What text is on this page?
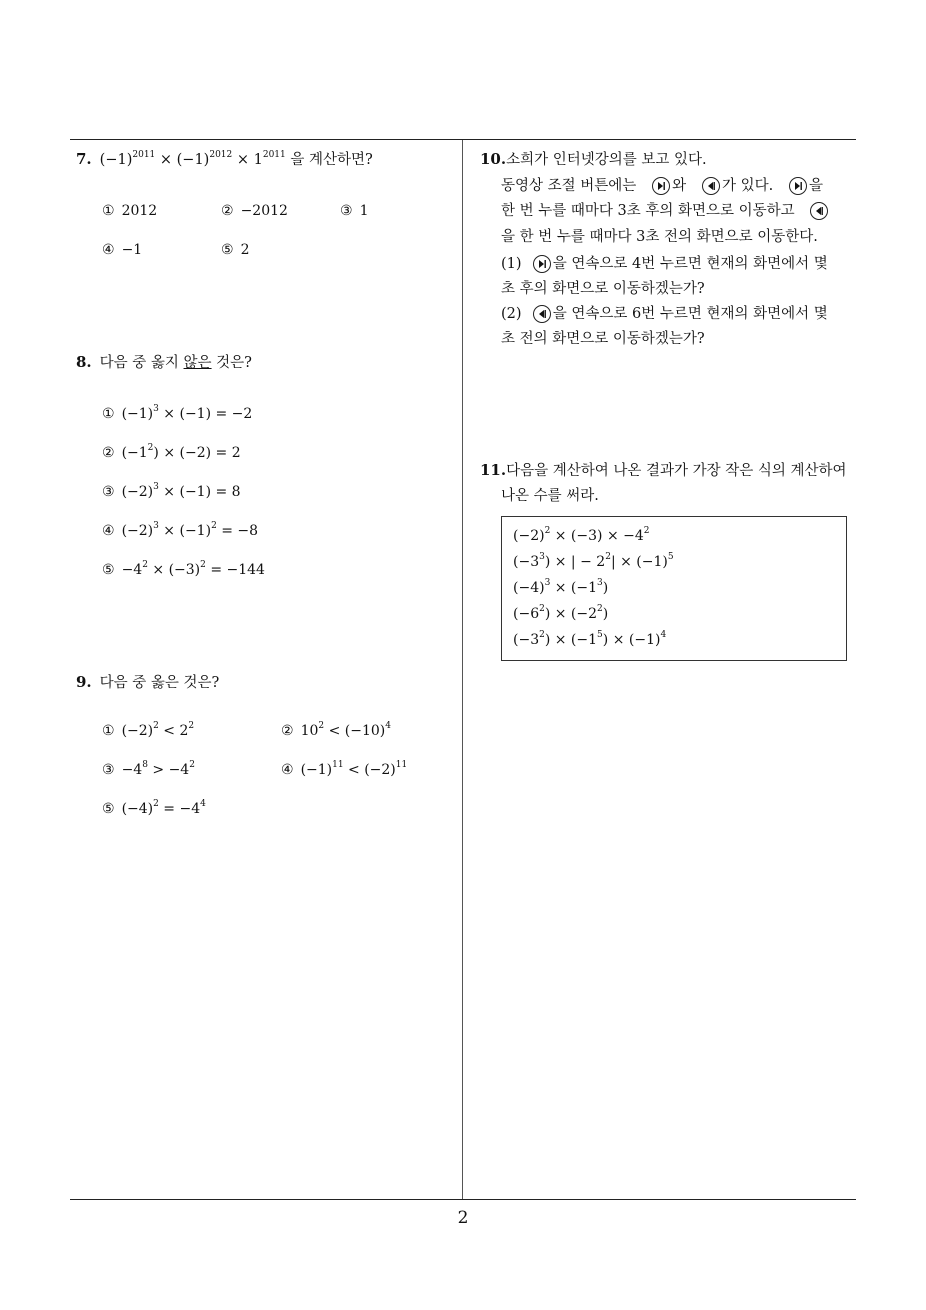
7. $(-1)^{2011} \times (-1)^{2012} \times 1^{2011}$ 을 계산하면?
① 2012	② −2012	③ 1
④ −1	⑤ 2
8. 다음 중 옳지 않은 것은?
① $(-1)^3 \times (-1) = -2$
② $(-1^2) \times (-2) = 2$
③ $(-2)^3 \times (-1) = 8$
④ $(-2)^3 \times (-1)^2 = -8$
⑤ $-4^2 \times (-3)^2 = -144$
9. 다음 중 옳은 것은?
① $(-2)^2 < 2^2$	② $10^2 < (-10)^4$
③ $-4^8 > -4^2$	④ $(-1)^{11} < (-2)^{11}$
⑤ $(-4)^2 = -4^4$
10.소희가 인터넷강의를 보고 있다.
동영상 조절 버튼에는 와 가 있다. 을
한 번 누를 때마다 3초 후의 화면으로 이동하고
을 한 번 누를 때마다 3초 전의 화면으로 이동한다.
(1) 을 연속으로 4번 누르면 현재의 화면에서 몇
초 후의 화면으로 이동하겠는가?
(2) 을 연속으로 6번 누르면 현재의 화면에서 몇
초 전의 화면으로 이동하겠는가?
11.다음을 계산하여 나온 결과가 가장 작은 식의 계산하여
나온 수를 써라.
$(-2)^2 \times (-3) \times -4^2$
$(-3^3)$ × | − $2^2| \times (-1)^5$
$(-4)^3 \times (-1^3)$
$(-6^2) \times (-2^2)$
$(-3^2) \times (-1^5) \times (-1)^4$
2
